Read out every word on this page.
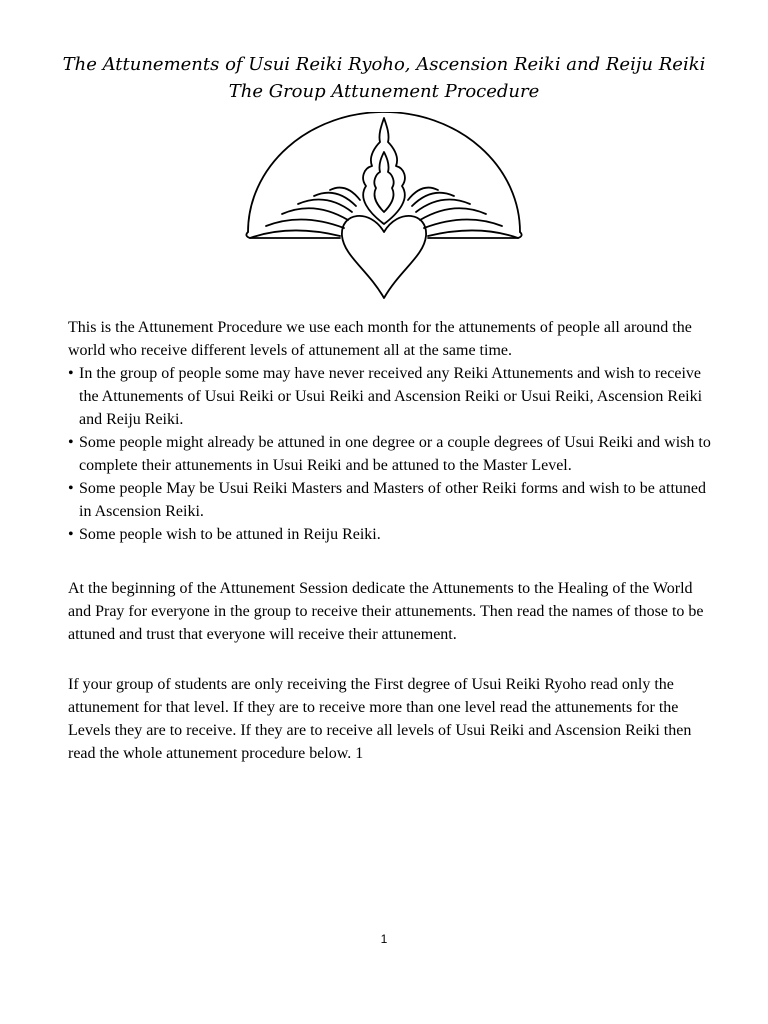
The Attunements of Usui Reiki Ryoho, Ascension Reiki and Reiju Reiki
The Group Attunement Procedure
This is the Attunement Procedure we use each month for the attunements of people all around the world who receive different levels of attunement all at the same time.
• In the group of people some may have never received any Reiki Attunements and wish to receive the Attunements of Usui Reiki or Usui Reiki and Ascension Reiki or Usui Reiki, Ascension Reiki and Reiju Reiki.
• Some people might already be attuned in one degree or a couple degrees of Usui Reiki and wish to complete their attunements in Usui Reiki and be attuned to the Master Level.
• Some people May be Usui Reiki Masters and Masters of other Reiki forms and wish to be attuned in Ascension Reiki.
• Some people wish to be attuned in Reiju Reiki.
At the beginning of the Attunement Session dedicate the Attunements to the Healing of the World and Pray for everyone in the group to receive their attunements. Then read the names of those to be attuned and trust that everyone will receive their attunement.
If your group of students are only receiving the First degree of Usui Reiki Ryoho read only the attunement for that level. If they are to receive more than one level read the attunements for the Levels they are to receive. If they are to receive all levels of Usui Reiki and Ascension Reiki then read the whole attunement procedure below. 1
1
